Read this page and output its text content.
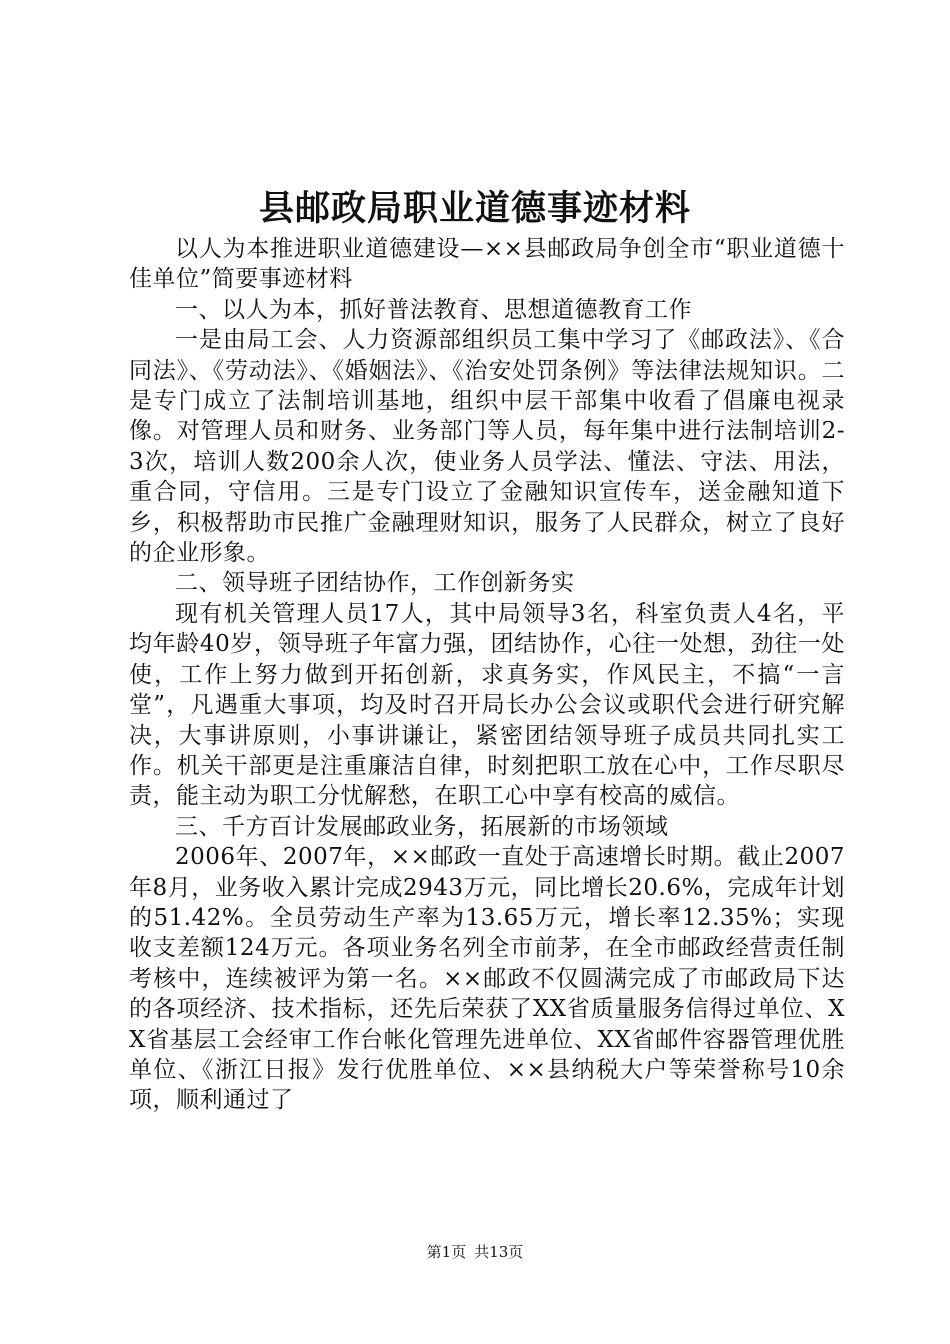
县邮政局职业道德事迹材料

以人为本推进职业道德建设—××县邮政局争创全市“职业道德十佳单位”简要事迹材料

一、以人为本，抓好普法教育、思想道德教育工作

一是由局工会、人力资源部组织员工集中学习了《邮政法》、《合同法》、《劳动法》、《婚姻法》、《治安处罚条例》等法律法规知识。二是专门成立了法制培训基地，组织中层干部集中收看了倡廉电视录像。对管理人员和财务、业务部门等人员，每年集中进行法制培训2-3次，培训人数200余人次，使业务人员学法、懂法、守法、用法，重合同，守信用。三是专门设立了金融知识宣传车，送金融知道下乡，积极帮助市民推广金融理财知识，服务了人民群众，树立了良好的企业形象。

二、领导班子团结协作，工作创新务实

现有机关管理人员17人，其中局领导3名，科室负责人4名，平均年龄40岁，领导班子年富力强，团结协作，心往一处想，劲往一处使，工作上努力做到开拓创新，求真务实，作风民主，不搞“一言堂”，凡遇重大事项，均及时召开局长办公会议或职代会进行研究解决，大事讲原则，小事讲谦让，紧密团结领导班子成员共同扎实工作。机关干部更是注重廉洁自律，时刻把职工放在心中，工作尽职尽责，能主动为职工分忧解愁，在职工心中享有校高的威信。

三、千方百计发展邮政业务，拓展新的市场领域

2006年、2007年，××邮政一直处于高速增长时期。截止2007年8月，业务收入累计完成2943万元，同比增长20.6%，完成年计划的51.42%。全员劳动生产率为13.65万元，增长率12.35%；实现收支差额124万元。各项业务名列全市前茅，在全市邮政经营责任制考核中，连续被评为第一名。××邮政不仅圆满完成了市邮政局下达的各项经济、技术指标，还先后荣获了XX省质量服务信得过单位、XX省基层工会经审工作台帐化管理先进单位、XX省邮件容器管理优胜单位、《浙江日报》发行优胜单位、××县纳税大户等荣誉称号10余项，顺利通过了

第1页 共13页
